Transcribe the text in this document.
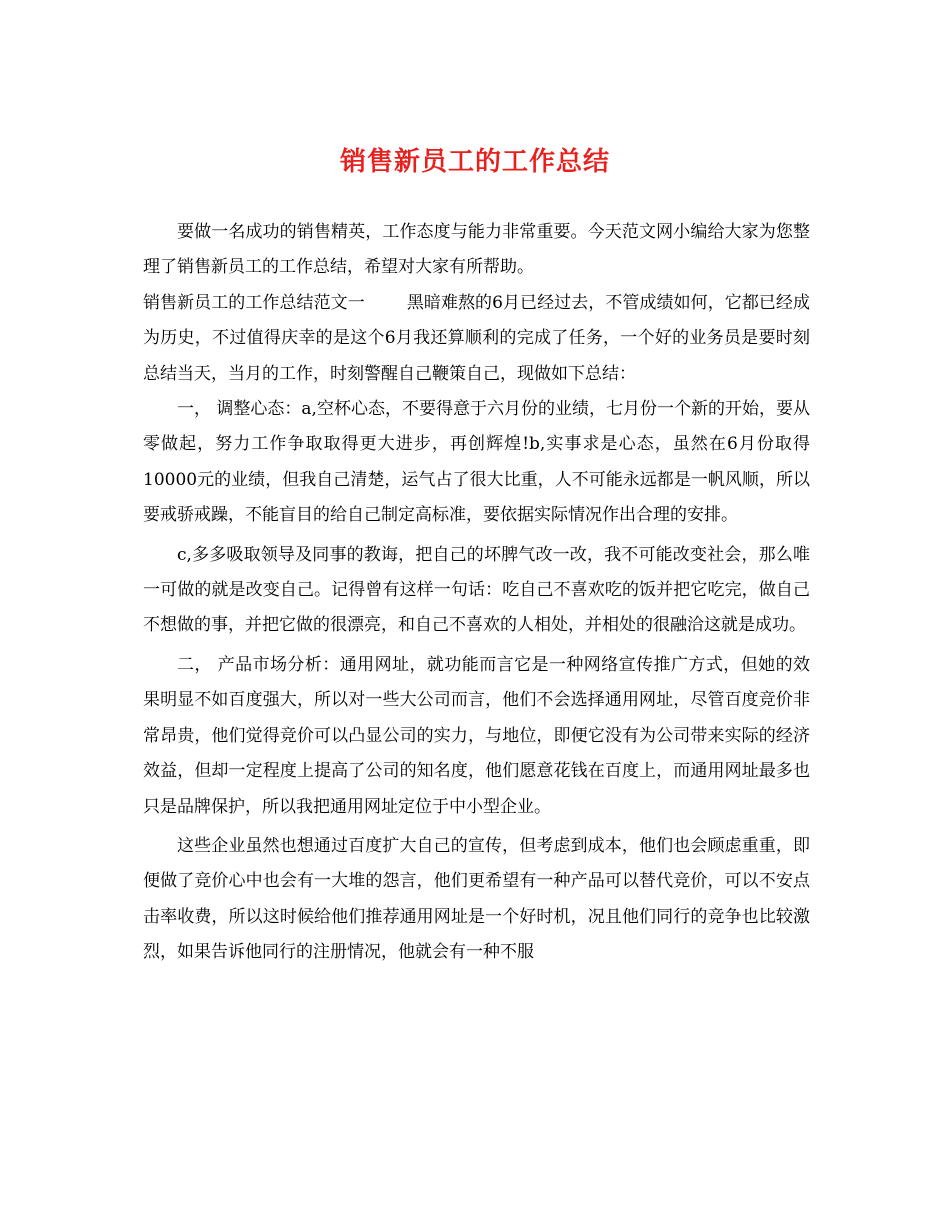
销售新员工的工作总结

要做一名成功的销售精英，工作态度与能力非常重要。今天范文网小编给大家为您整理了销售新员工的工作总结，希望对大家有所帮助。

销售新员工的工作总结范文一 黑暗难熬的6月已经过去，不管成绩如何，它都已经成为历史，不过值得庆幸的是这个6月我还算顺利的完成了任务，一个好的业务员是要时刻总结当天，当月的工作，时刻警醒自己鞭策自己，现做如下总结：

一， 调整心态：a,空杯心态，不要得意于六月份的业绩，七月份一个新的开始，要从零做起，努力工作争取取得更大进步，再创辉煌!b,实事求是心态，虽然在6月份取得10000元的业绩，但我自己清楚，运气占了很大比重，人不可能永远都是一帆风顺，所以要戒骄戒躁，不能盲目的给自己制定高标准，要依据实际情况作出合理的安排。

c,多多吸取领导及同事的教诲，把自己的坏脾气改一改，我不可能改变社会，那么唯一可做的就是改变自己。记得曾有这样一句话：吃自己不喜欢吃的饭并把它吃完，做自己不想做的事，并把它做的很漂亮，和自己不喜欢的人相处，并相处的很融洽这就是成功。

二， 产品市场分析：通用网址，就功能而言它是一种网络宣传推广方式，但她的效果明显不如百度强大，所以对一些大公司而言，他们不会选择通用网址，尽管百度竞价非常昂贵，他们觉得竞价可以凸显公司的实力，与地位，即便它没有为公司带来实际的经济效益，但却一定程度上提高了公司的知名度，他们愿意花钱在百度上，而通用网址最多也只是品牌保护，所以我把通用网址定位于中小型企业。

这些企业虽然也想通过百度扩大自己的宣传，但考虑到成本，他们也会顾虑重重，即便做了竞价心中也会有一大堆的怨言，他们更希望有一种产品可以替代竞价，可以不安点击率收费，所以这时候给他们推荐通用网址是一个好时机，况且他们同行的竞争也比较激烈，如果告诉他同行的注册情况，他就会有一种不服
